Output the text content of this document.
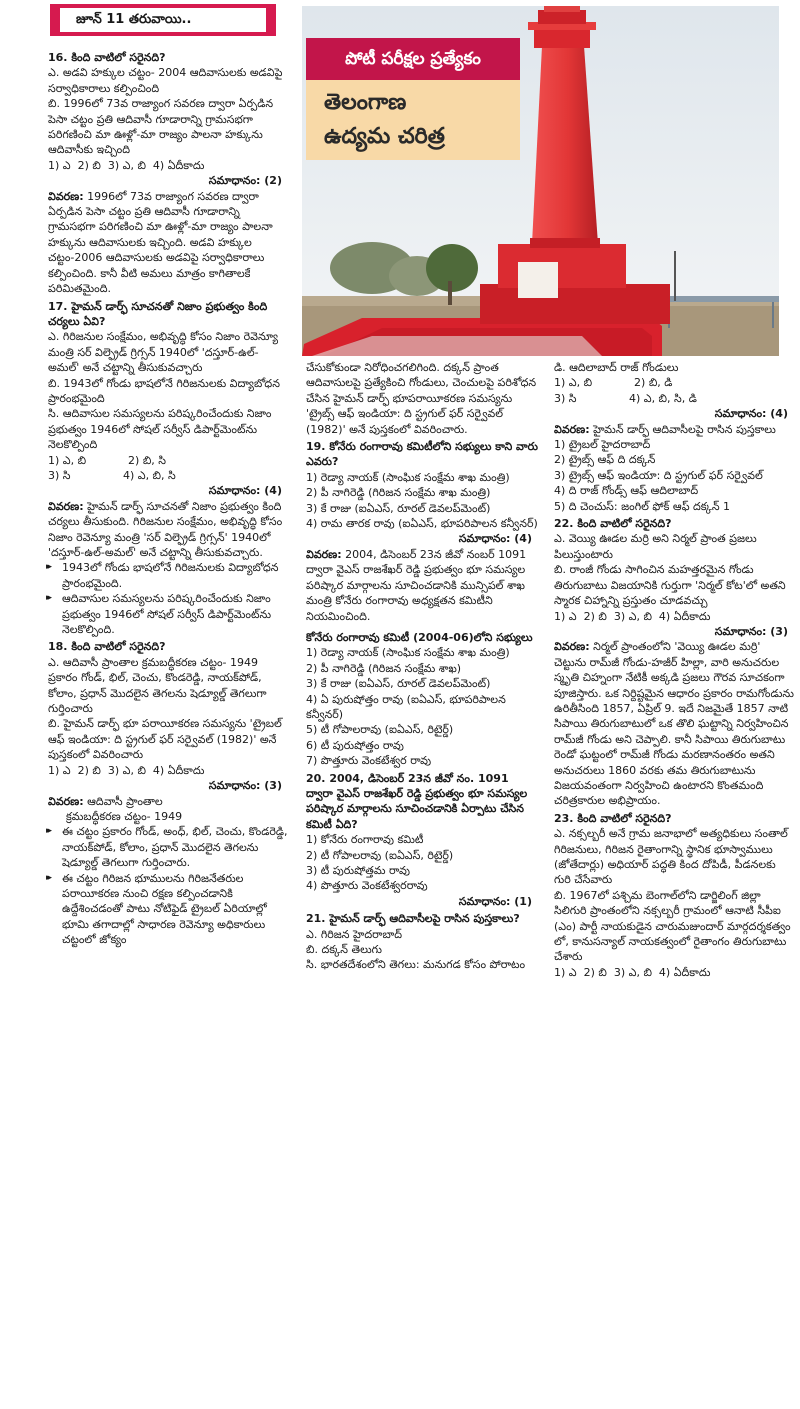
జూన్ 11 తరువాయి..
పోటీ పరీక్షల ప్రత్యేకం
తెలంగాణ
ఉద్యమ చరిత్ర

16. కింది వాటిలో సరైనది?

ఎ. అడవి హక్కుల చట్టం- 2004 ఆదివాసులకు అడవిపై సర్వాధికారాలు కల్పించింది

బి. 1996లో 73వ రాజ్యాంగ సవరణ ద్వారా ఏర్పడిన పెసా చట్టం ప్రతి ఆదివాసీ గూడారాన్ని గ్రామసభగా పరిగణించి మా ఊళ్లో-మా రాజ్యం పాలనా హక్కును ఆదివాసీకు ఇచ్చింది

1) ఎ  2) బి  3) ఎ, బి  4) ఏదీకాదు

సమాధానం: (2)

వివరణ: 1996లో 73వ రాజ్యాంగ సవరణ ద్వారా ఏర్పడిన పెసా చట్టం ప్రతి ఆదివాసీ గూడారాన్ని గ్రామసభగా పరిగణించి మా ఊళ్లో-మా రాజ్యం పాలనా హక్కును ఆదివాసులకు ఇచ్చింది. అడవి హక్కుల చట్టం-2006 ఆదివాసులకు అడవిపై సర్వాధికారాలు కల్పించింది. కానీ వీటి అమలు మాత్రం కాగితాలకే పరిమితమైంది.

17. హైమన్ డార్ఫ్ సూచనతో నిజాం ప్రభుత్వం కింది చర్యలు ఏవి?

ఎ. గిరిజనుల సంక్షేమం, అభివృద్ధి కోసం నిజాం రెవెన్యూ మంత్రి సర్ విల్ఫ్రెడ్ గ్రిగ్సన్ 1940లో 'దస్తూర్-ఉల్-అమల్' అనే చట్టాన్ని తీసుకువచ్చారు

బి. 1943లో గోండు భాషలోనే గిరిజనులకు విద్యాబోధన ప్రారంభమైంది

సి. ఆదివాసుల సమస్యలను పరిష్కరించేందుకు నిజాం ప్రభుత్వం 1946లో సోషల్ సర్వీస్ డిపార్ట్‌మెంట్‌ను నెలకొల్పింది

1) ఎ, బి            2) బి, సి

3) సి               4) ఎ, బి, సి

సమాధానం: (4)

వివరణ: హైమన్ డార్ఫ్ సూచనతో నిజాం ప్రభుత్వం కింది చర్యలు తీసుకుంది. గిరిజనుల సంక్షేమం, అభివృద్ధి కోసం నిజాం రెవెన్యూ మంత్రి 'సర్ విల్ఫ్రెడ్ గ్రిగ్సన్' 1940లో 'దస్తూర్-ఉల్-అమల్' అనే చట్టాన్ని తీసుకువచ్చారు.

▸▸ 1943లో గోండు భాషలోనే గిరిజనులకు విద్యాబోధన ప్రారంభమైంది.

▸▸ ఆదివాసుల సమస్యలను పరిష్కరించేందుకు నిజాం ప్రభుత్వం 1946లో సోషల్ సర్వీస్ డిపార్ట్‌మెంట్‌ను నెలకొల్పింది.

18. కింది వాటిలో సరైనది?

ఎ. ఆదివాసీ ప్రాంతాల క్రమబద్ధీకరణ చట్టం- 1949 ప్రకారం గోండ్, భిల్, చెంచు, కొండరెడ్డి, నాయక్‌పోడ్, కోలాం, ప్రధాన్ మొదలైన తెగలను షెడ్యూల్డ్ తెగలుగా గుర్తించారు

బి. హైమన్ డార్ఫ్ భూ పరాయీకరణ సమస్యను 'ట్రైబల్ ఆఫ్ ఇండియా: ది స్ట్రగుల్ ఫర్ సర్వైవల్ (1982)' అనే పుస్తకంలో వివరించారు

1) ఎ  2) బి  3) ఎ, బి  4) ఏదీకాదు

సమాధానం: (3)

వివరణ: ఆదివాసీ ప్రాంతాల

క్రమబద్ధీకరణ చట్టం- 1949

▸▸ ఈ చట్టం ప్రకారం గోండ్, అంధ్, భిల్, చెంచు, కొండరెడ్డి, నాయక్‌పోడ్, కోలాం, ప్రధాన్ మొదలైన తెగలను షెడ్యూల్డ్ తెగలుగా గుర్తించారు.

▸▸ ఈ చట్టం గిరిజన భూములను గిరిజనేతరుల పరాయీకరణ నుంచి రక్షణ కల్పించడానికి ఉద్దేశించడంతో పాటు నోటిఫైడ్ ట్రైబల్ ఏరియాల్లో భూమి తగాదాల్లో సాధారణ రెవెన్యూ అధికారులు చట్టంలో జోక్యం

చేసుకోకుండా నిరోధించగలిగింది. దక్కన్ ప్రాంత ఆదివాసులపై ప్రత్యేకించి గోండులు, చెంచులపై పరిశోధన చేసిన హైమన్ డార్ఫ్ భూపరాయీకరణ సమస్యను 'ట్రైబ్స్ ఆఫ్ ఇండియా: ది స్ట్రగుల్ ఫర్ సర్వైవల్ (1982)' అనే పుస్తకంలో వివరించారు.

19. కోనేరు రంగారావు కమిటీలోని సభ్యులు కాని వారు ఎవరు?

1) రెడ్యా నాయక్ (సాంఘిక సంక్షేమ శాఖ మంత్రి)

2) పీ నాగిరెడ్డి (గిరిజన సంక్షేమ శాఖ మంత్రి)

3) కే రాజు (ఐఏఎస్, రూరల్ డెవలప్‌మెంట్)

4) రామ తారక రావు (ఐఏఎస్, భూపరిపాలన కన్వీనర్)

సమాధానం: (4)

వివరణ: 2004, డిసెంబర్ 23న జీవో నంబర్ 1091 ద్వారా వైఎస్ రాజశేఖర్ రెడ్డి ప్రభుత్వం భూ సమస్యల పరిష్కార మార్గాలను సూచించడానికి మున్సిపల్ శాఖ మంత్రి కోనేరు రంగారావు అధ్యక్షతన కమిటీని నియమించింది.

కోనేరు రంగారావు కమిటీ (2004-06)లోని సభ్యులు

1) రెడ్యా నాయక్ (సాంఘిక సంక్షేమ శాఖ మంత్రి)

2) పీ నాగిరెడ్డి (గిరిజన సంక్షేమ శాఖ)

3) కే రాజు (ఐఏఎస్, రూరల్ డెవలప్‌మెంట్)

4) ఏ పురుషోత్తం రావు (ఐఏఎస్, భూపరిపాలన కన్వీనర్)

5) టీ గోపాలరావు (ఐఏఎస్, రిటైర్డ్)

6) టీ పురుషోత్తం రావు

7) పొత్తూరు వెంకటేశ్వర రావు

20. 2004, డిసెంబర్ 23న జీవో నం. 1091 ద్వారా వైఎస్ రాజశేఖర్ రెడ్డి ప్రభుత్వం భూ సమస్యల పరిష్కార మార్గాలను సూచించడానికి ఏర్పాటు చేసిన కమిటీ ఏది?

1) కోనేరు రంగారావు కమిటీ

2) టీ గోపాలరావు (ఐఏఎస్, రిటైర్డ్)

3) టీ పురుషోత్తమ రావు

4) పొత్తూరు వెంకటేశ్వరరావు

సమాధానం: (1)

21. హైమన్ డార్ఫ్ ఆదివాసీలపై రాసిన పుస్తకాలు?

ఎ. గిరిజన హైదరాబాద్

బి. దక్కన్ తెలుగు

సి. భారతదేశంలోని తెగలు: మనుగడ కోసం పోరాటం

డి. ఆదిలాబాద్ రాజ్ గోండులు

1) ఎ, బి            2) బి, డి

3) సి               4) ఎ, బి, సి, డి

సమాధానం: (4)

వివరణ: హైమన్ డార్ఫ్ ఆదివాసీలపై రాసిన పుస్తకాలు

1) ట్రైబల్ హైదరాబాద్

2) ట్రైబ్స్ ఆఫ్ ది దక్కన్

3) ట్రైబ్స్ ఆఫ్ ఇండియా: ది స్ట్రగుల్ ఫర్ సర్వైవల్

4) ది రాజ్ గోండ్స్ ఆఫ్ ఆదిలాబాద్

5) ది చెంచుస్: జంగిల్ ఫోక్ ఆఫ్ దక్కన్ 1

22. కింది వాటిలో సరైనది?

ఎ. వెయ్యి ఊడల మర్రి అని నిర్మల్ ప్రాంత ప్రజలు పిలుస్తుంటారు

బి. రాంజీ గోండు సాగించిన మహత్తరమైన గోండు తిరుగుబాటు విజయానికి గుర్తుగా 'నిర్మల్ కోట'లో అతని స్మారక చిహ్నాన్ని ప్రస్తుతం చూడవచ్చు

1) ఎ  2) బి  3) ఎ, బి  4) ఏదీకాదు

సమాధానం: (3)

వివరణ: నిర్మల్ ప్రాంతంలోని 'వెయ్యి ఊడల మర్రి' చెట్టును రామ్‌జీ గోండు-హజీర్ హిల్లా, వారి అనుచరుల స్మృతి చిహ్నంగా నేటికీ అక్కడి ప్రజలు గౌరవ సూచకంగా పూజిస్తారు. ఒక నిర్దిష్టమైన ఆధారం ప్రకారం రామగోండును ఉరితీసింది 1857, ఏప్రిల్ 9. ఇదే నిజమైతే 1857 నాటి సిపాయి తిరుగుబాటులో ఒక తొలి ఘట్టాన్ని నిర్వహించిన రామ్‌జీ గోండు అని చెప్పాలి. కానీ సిపాయి తిరుగుబాటు రెండో ఘట్టంలో రామ్‌జీ గోండు మరణానంతరం అతని అనుచరులు 1860 వరకు తమ తిరుగుబాటును విజయవంతంగా నిర్వహించి ఉంటారని కొంతమంది చరిత్రకారుల అభిప్రాయం.

23. కింది వాటిలో సరైనది?

ఎ. నక్సల్బరీ అనే గ్రామ జనాభాలో అత్యధికులు సంతాల్ గిరిజనులు, గిరిజన రైతాంగాన్ని స్థానిక భూస్వాములు (జోతేదార్లు) అధియార్ పద్ధతి కింద దోపిడీ, పీడనలకు గురి చేసేవారు

బి. 1967లో పశ్చిమ బెంగాల్‌లోని డార్జిలింగ్ జిల్లా సిలిగురి ప్రాంతంలోని నక్సల్బరీ గ్రామంలో ఆనాటి సీపీఐ (ఎం) పార్టీ నాయకుడైన చారుమజుందార్ మార్గదర్శకత్వం లో, కానుసన్యాల్ నాయకత్వంలో రైతాంగం తిరుగుబాటు చేశారు

1) ఎ  2) బి  3) ఎ, బి  4) ఏదీకాదు
